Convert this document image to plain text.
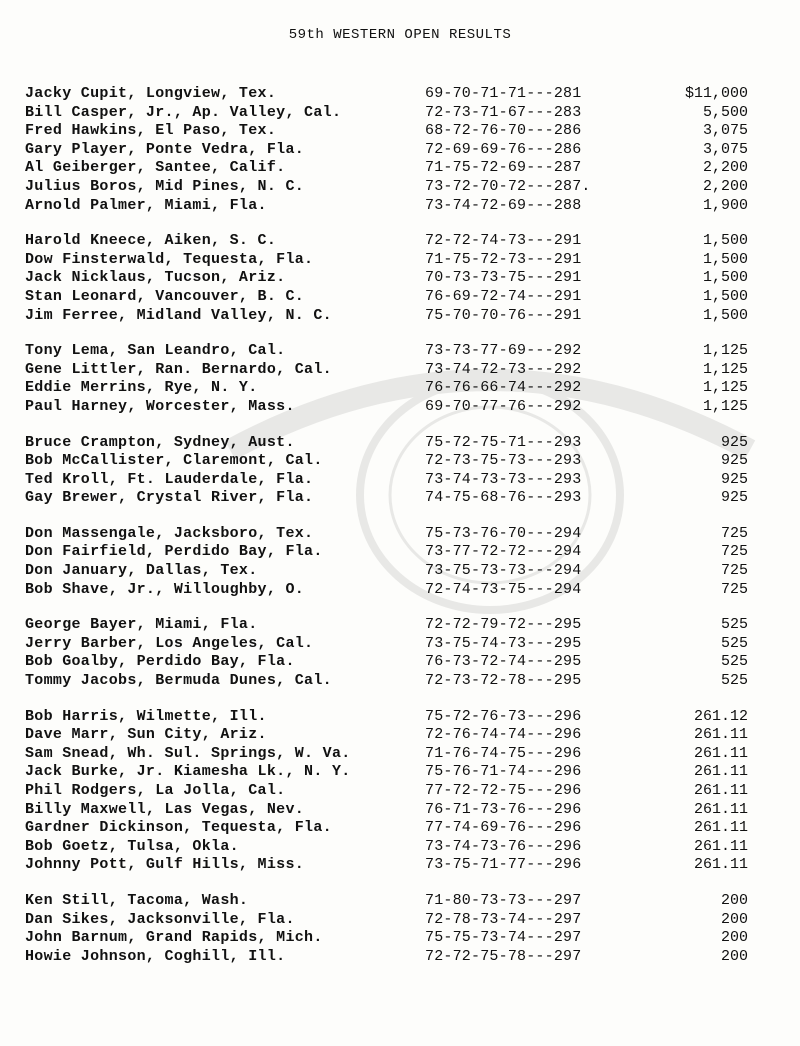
59th WESTERN OPEN RESULTS
Jacky Cupit, Longview, Tex.	69-70-71-71---281	$11,000
Bill Casper, Jr., Ap. Valley, Cal.	72-73-71-67---283	5,500
Fred Hawkins, El Paso, Tex.	68-72-76-70---286	3,075
Gary Player, Ponte Vedra, Fla.	72-69-69-76---286	3,075
Al Geiberger, Santee, Calif.	71-75-72-69---287	2,200
Julius Boros, Mid Pines, N. C.	73-72-70-72---287.	2,200
Arnold Palmer, Miami, Fla.	73-74-72-69---288	1,900
Harold Kneece, Aiken, S. C.	72-72-74-73---291	1,500
Dow Finsterwald, Tequesta, Fla.	71-75-72-73---291	1,500
Jack Nicklaus, Tucson, Ariz.	70-73-73-75---291	1,500
Stan Leonard, Vancouver, B. C.	76-69-72-74---291	1,500
Jim Ferree, Midland Valley, N. C.	75-70-70-76---291	1,500
Tony Lema, San Leandro, Cal.	73-73-77-69---292	1,125
Gene Littler, Ran. Bernardo, Cal.	73-74-72-73---292	1,125
Eddie Merrins, Rye, N. Y.	76-76-66-74---292	1,125
Paul Harney, Worcester, Mass.	69-70-77-76---292	1,125
Bruce Crampton, Sydney, Aust.	75-72-75-71---293	925
Bob McCallister, Claremont, Cal.	72-73-75-73---293	925
Ted Kroll, Ft. Lauderdale, Fla.	73-74-73-73---293	925
Gay Brewer, Crystal River, Fla.	74-75-68-76---293	925
Don Massengale, Jacksboro, Tex.	75-73-76-70---294	725
Don Fairfield, Perdido Bay, Fla.	73-77-72-72---294	725
Don January, Dallas, Tex.	73-75-73-73---294	725
Bob Shave, Jr., Willoughby, O.	72-74-73-75---294	725
George Bayer, Miami, Fla.	72-72-79-72---295	525
Jerry Barber, Los Angeles, Cal.	73-75-74-73---295	525
Bob Goalby, Perdido Bay, Fla.	76-73-72-74---295	525
Tommy Jacobs, Bermuda Dunes, Cal.	72-73-72-78---295	525
Bob Harris, Wilmette, Ill.	75-72-76-73---296	261.12
Dave Marr, Sun City, Ariz.	72-76-74-74---296	261.11
Sam Snead, Wh. Sul. Springs, W. Va.	71-76-74-75---296	261.11
Jack Burke, Jr. Kiamesha Lk., N. Y.	75-76-71-74---296	261.11
Phil Rodgers, La Jolla, Cal.	77-72-72-75---296	261.11
Billy Maxwell, Las Vegas, Nev.	76-71-73-76---296	261.11
Gardner Dickinson, Tequesta, Fla.	77-74-69-76---296	261.11
Bob Goetz, Tulsa, Okla.	73-74-73-76---296	261.11
Johnny Pott, Gulf Hills, Miss.	73-75-71-77---296	261.11
Ken Still, Tacoma, Wash.	71-80-73-73---297	200
Dan Sikes, Jacksonville, Fla.	72-78-73-74---297	200
John Barnum, Grand Rapids, Mich.	75-75-73-74---297	200
Howie Johnson, Coghill, Ill.	72-72-75-78---297	200
